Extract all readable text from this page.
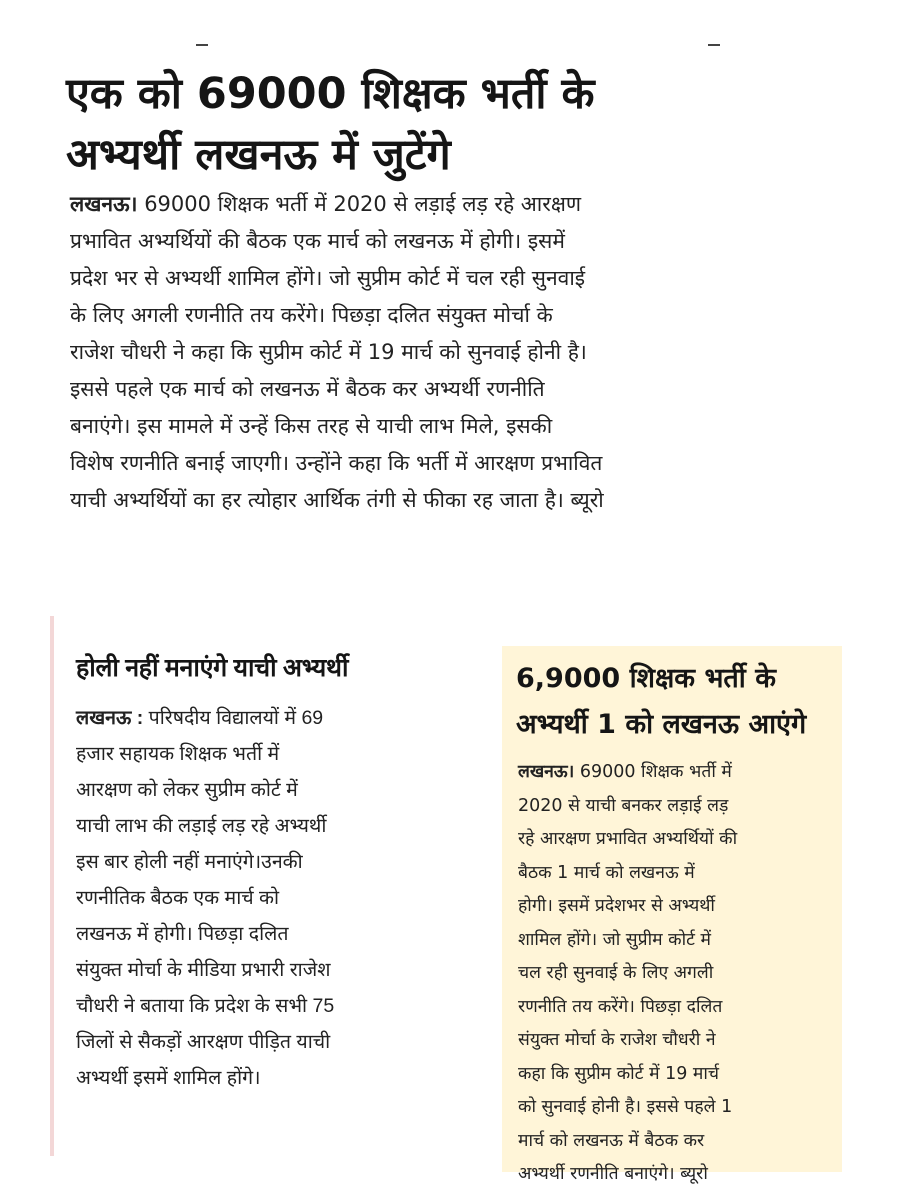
एक को 69000 शिक्षक भर्ती के
अभ्यर्थी लखनऊ में जुटेंगे
लखनऊ। 69000 शिक्षक भर्ती में 2020 से लड़ाई लड़ रहे आरक्षण
प्रभावित अभ्यर्थियों की बैठक एक मार्च को लखनऊ में होगी। इसमें
प्रदेश भर से अभ्यर्थी शामिल होंगे। जो सुप्रीम कोर्ट में चल रही सुनवाई
के लिए अगली रणनीति तय करेंगे। पिछड़ा दलित संयुक्त मोर्चा के
राजेश चौधरी ने कहा कि सुप्रीम कोर्ट में 19 मार्च को सुनवाई होनी है।
इससे पहले एक मार्च को लखनऊ में बैठक कर अभ्यर्थी रणनीति
बनाएंगे। इस मामले में उन्हें किस तरह से याची लाभ मिले, इसकी
विशेष रणनीति बनाई जाएगी। उन्होंने कहा कि भर्ती में आरक्षण प्रभावित
याची अभ्यर्थियों का हर त्योहार आर्थिक तंगी से फीका रह जाता है। ब्यूरो
होली नहीं मनाएंगे याची अभ्यर्थी
लखनऊ : परिषदीय विद्यालयों में 69
हजार सहायक शिक्षक भर्ती में
आरक्षण को लेकर सुप्रीम कोर्ट में
याची लाभ की लड़ाई लड़ रहे अभ्यर्थी
इस बार होली नहीं मनाएंगे।उनकी
रणनीतिक बैठक एक मार्च को
लखनऊ में होगी। पिछड़ा दलित
संयुक्त मोर्चा के मीडिया प्रभारी राजेश
चौधरी ने बताया कि प्रदेश के सभी 75
जिलों से सैकड़ों आरक्षण पीड़ित याची
अभ्यर्थी इसमें शामिल होंगे।
6,9000 शिक्षक भर्ती के
अभ्यर्थी 1 को लखनऊ आएंगे
लखनऊ। 69000 शिक्षक भर्ती में
2020 से याची बनकर लड़ाई लड़
रहे आरक्षण प्रभावित अभ्यर्थियों की
बैठक 1 मार्च को लखनऊ में
होगी। इसमें प्रदेशभर से अभ्यर्थी
शामिल होंगे। जो सुप्रीम कोर्ट में
चल रही सुनवाई के लिए अगली
रणनीति तय करेंगे। पिछड़ा दलित
संयुक्त मोर्चा के राजेश चौधरी ने
कहा कि सुप्रीम कोर्ट में 19 मार्च
को सुनवाई होनी है। इससे पहले 1
मार्च को लखनऊ में बैठक कर
अभ्यर्थी रणनीति बनाएंगे। ब्यूरो
